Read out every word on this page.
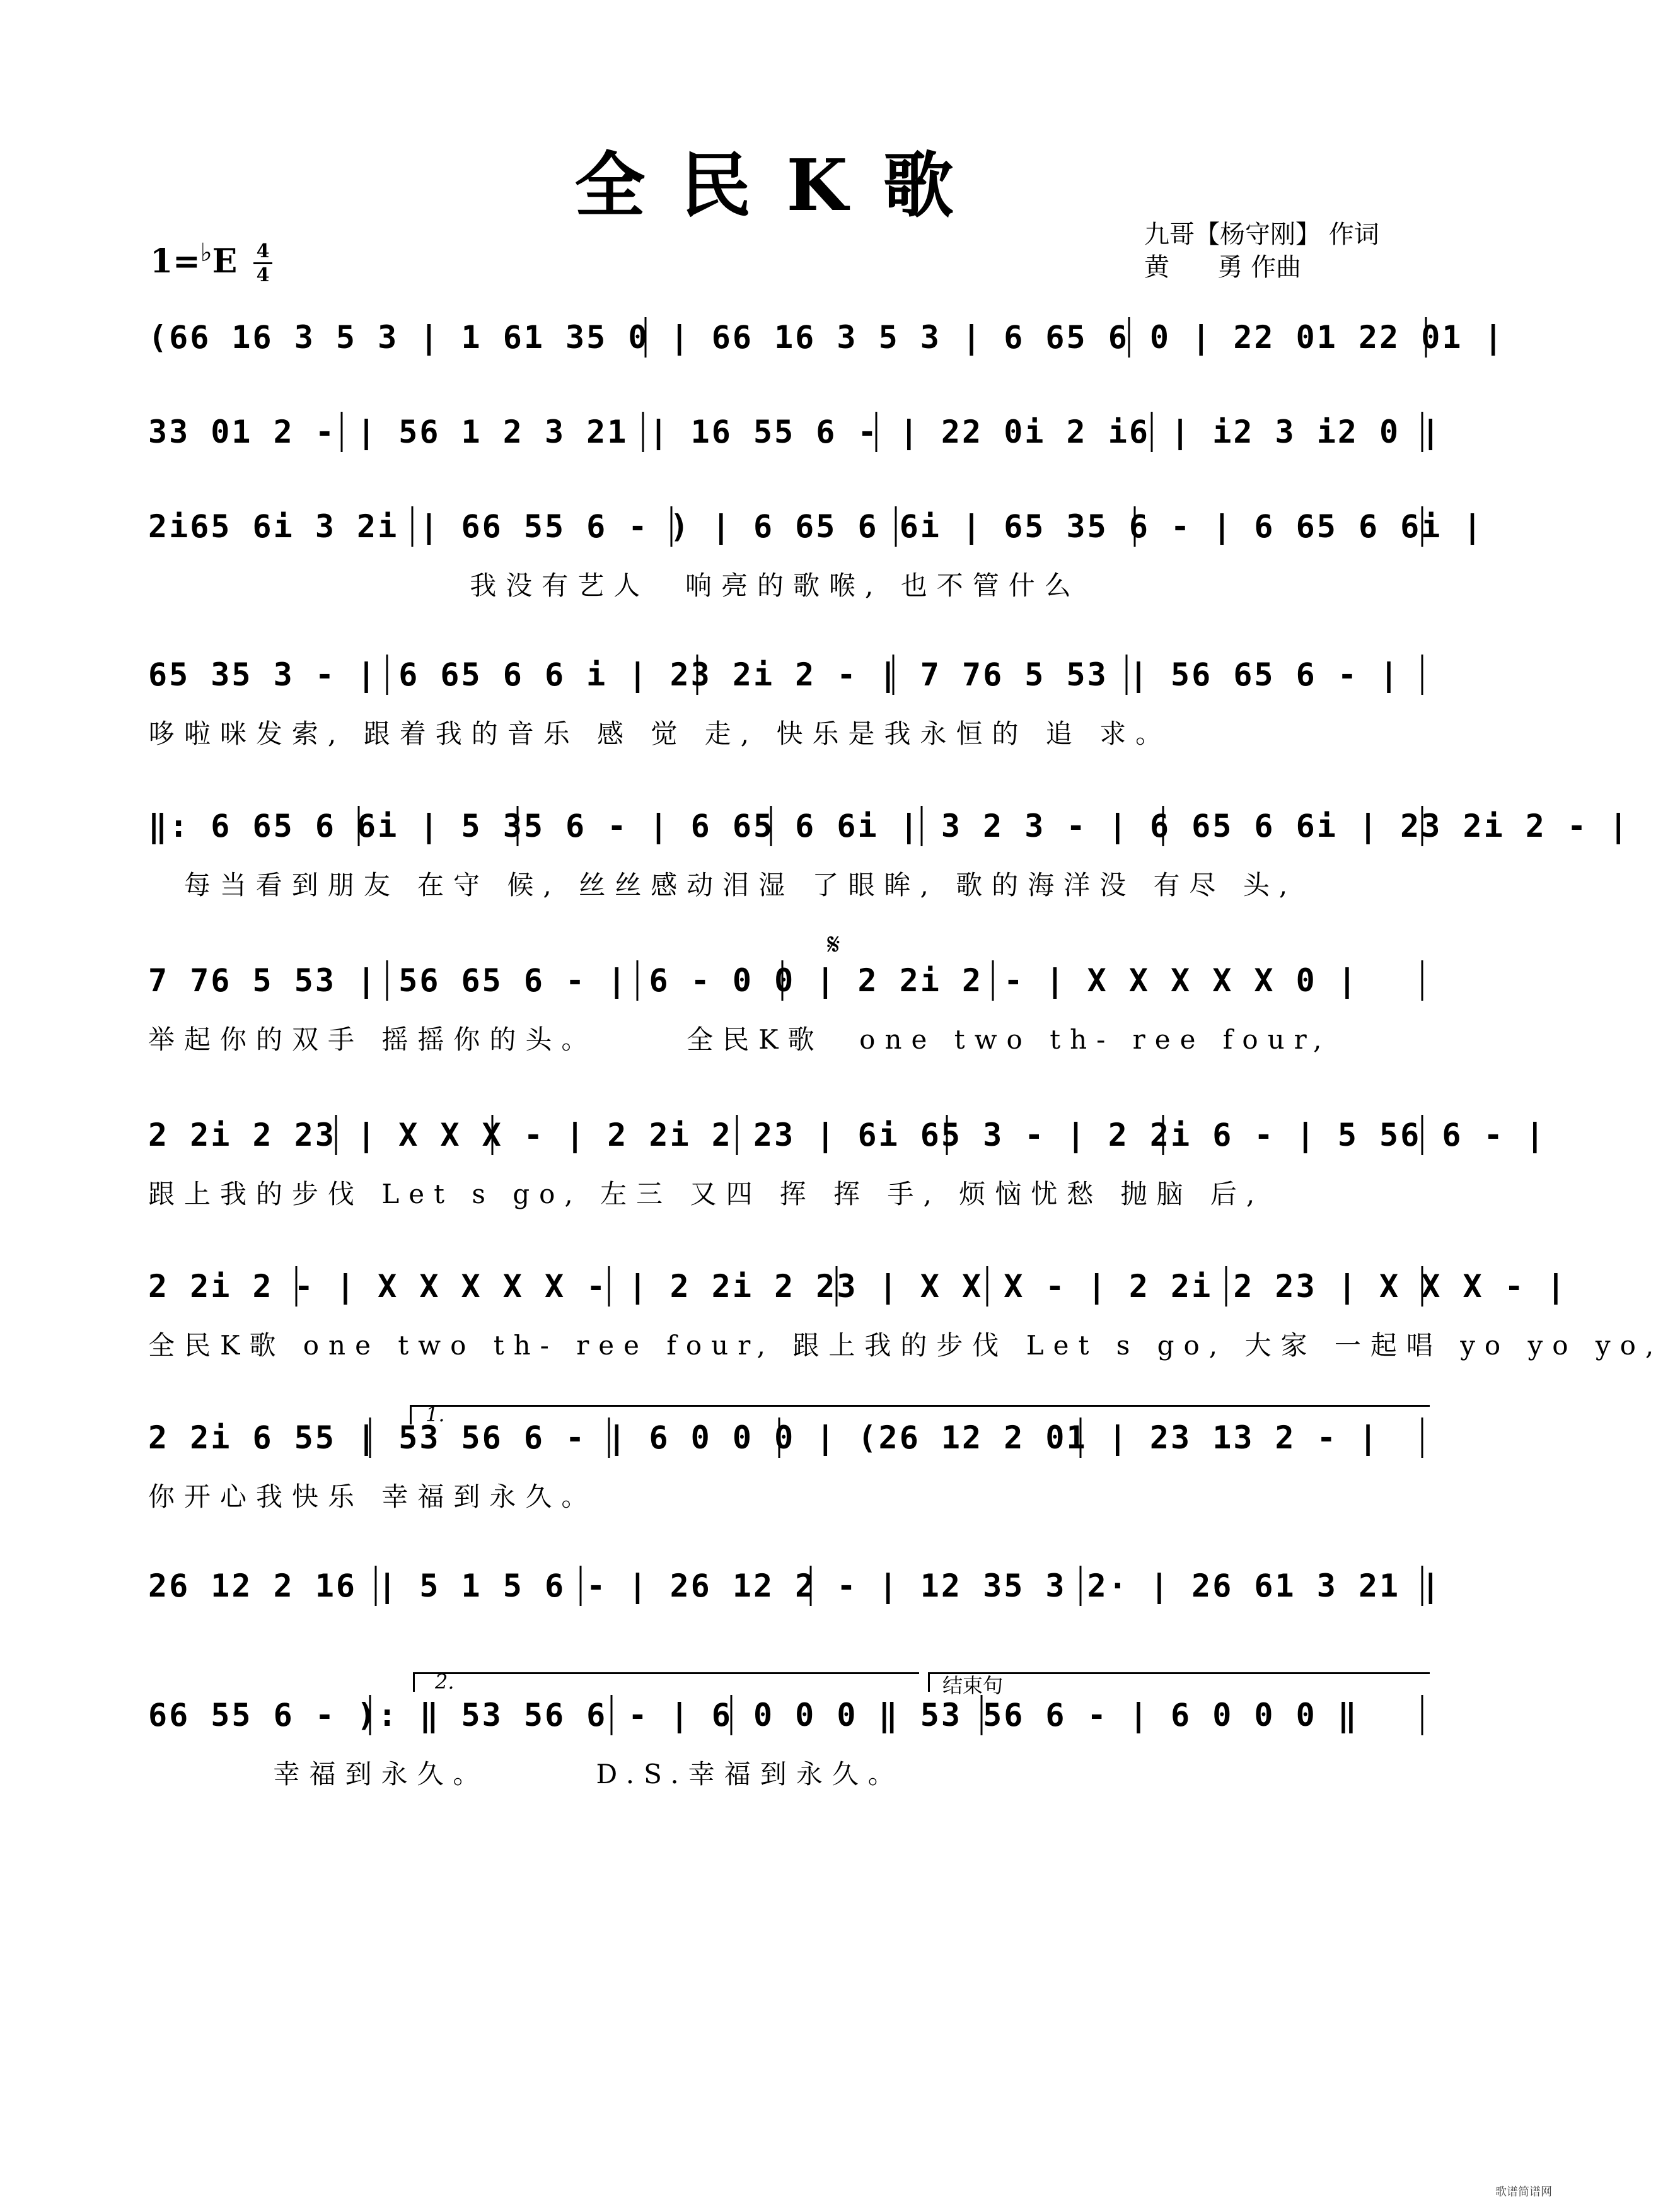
全民K歌
九哥【杨守刚】 作词
黄      勇 作曲
1=♭E 4
4
𝄋
1.
2.	结束句
(66 16 3 5 3 | 1 61 35 0 | 66 16 3 5 3 | 6 65 6 0 | 22 01 22 01 |
33 01 2 - | 56 1 2 3 21 | 16 55 6 - | 22 0i 2 i6 | i2 3 i2 0 |
2i65 6i 3 2i | 66 55 6 - ) | 6 65 6 6i | 65 35 6 - | 6 65 6 6i |
我没有艺人  响亮的歌喉, 也不管什么
65 35 3 - | 6 65 6 6 i | 23 2i 2 - | 7 76 5 53 | 56 65 6 - |
哆啦咪发索, 跟着我的音乐 感 觉 走, 快乐是我永恒的 追 求。
‖: 6 65 6 6i | 5 35 6 - | 6 65 6 6i | 3 2 3 - | 6 65 6 6i | 23 2i 2 - |
每当看到朋友 在守 候, 丝丝感动泪湿 了眼眸, 歌的海洋没 有尽 头,
7 76 5 53 | 56 65 6 - | 6 - 0 0 | 2 2i 2 - | X X X X X 0 |
举起你的双手 摇摇你的头。     全民K歌  one two th- ree four,
2 2i 2 23 | X X X - | 2 2i 2 23 | 6i 65 3 - | 2 2i 6 - | 5 56 6 - |
跟上我的步伐 Let s go, 左三 又四 挥 挥 手, 烦恼忧愁 抛脑 后,
2 2i 2 - | X X X X X - | 2 2i 2 23 | X X X - | 2 2i 2 23 | X X X - |
全民K歌 one two th- ree four, 跟上我的步伐 Let s go, 大家 一起唱 yo yo yo,
2 2i 6 55 | 53 56 6 - | 6 0 0 0 | (26 12 2 01 | 23 13 2 - |
你开心我快乐 幸福到永久。
26 12 2 16 | 5 1 5 6 - | 26 12 2 - | 12 35 3 2· | 26 61 3 21 |
66 55 6 - ): ‖ 53 56 6 - | 6 0 0 0 ‖ 53 56 6 - | 6 0 0 0 ‖
幸福到永久。      D.S.幸福到永久。
歌谱简谱网
